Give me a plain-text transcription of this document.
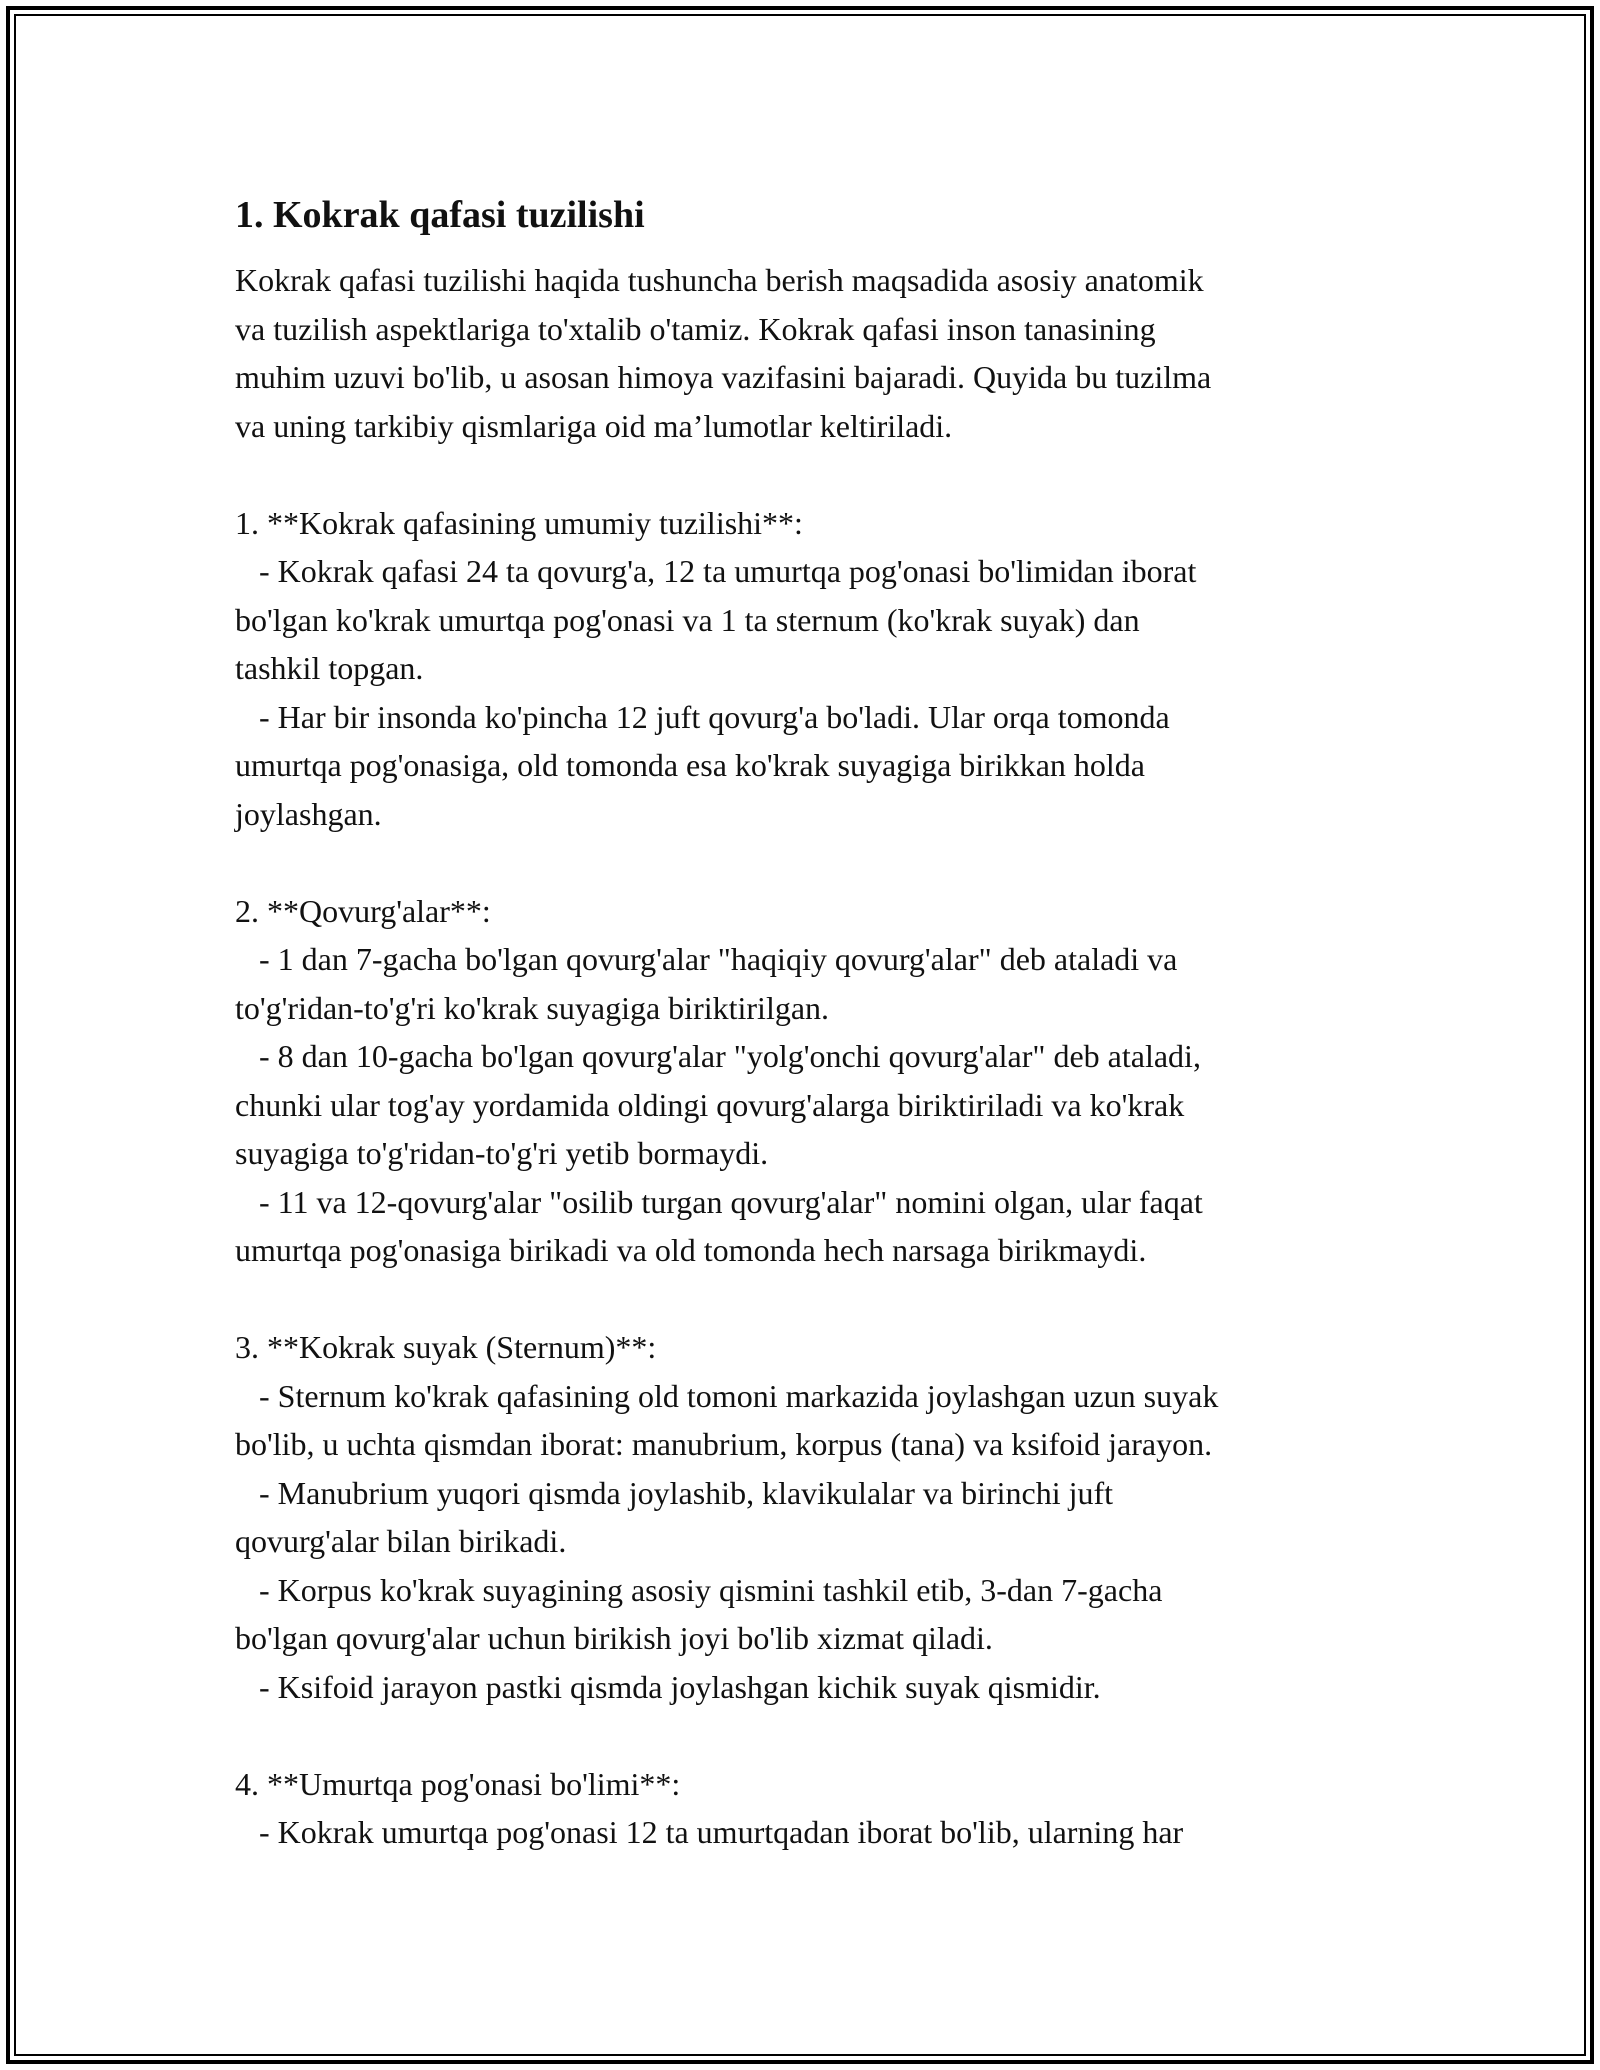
1. Kokrak qafasi tuzilishi

Kokrak qafasi tuzilishi haqida tushuncha berish maqsadida asosiy anatomik
va tuzilish aspektlariga to'xtalib o'tamiz. Kokrak qafasi inson tanasining
muhim uzuvi bo'lib, u asosan himoya vazifasini bajaradi. Quyida bu tuzilma
va uning tarkibiy qismlariga oid ma’lumotlar keltiriladi.

1. **Kokrak qafasining umumiy tuzilishi**:
- Kokrak qafasi 24 ta qovurg'a, 12 ta umurtqa pog'onasi bo'limidan iborat
bo'lgan ko'krak umurtqa pog'onasi va 1 ta sternum (ko'krak suyak) dan
tashkil topgan.
- Har bir insonda ko'pincha 12 juft qovurg'a bo'ladi. Ular orqa tomonda
umurtqa pog'onasiga, old tomonda esa ko'krak suyagiga birikkan holda
joylashgan.

2. **Qovurg'alar**:
- 1 dan 7-gacha bo'lgan qovurg'alar "haqiqiy qovurg'alar" deb ataladi va
to'g'ridan-to'g'ri ko'krak suyagiga biriktirilgan.
- 8 dan 10-gacha bo'lgan qovurg'alar "yolg'onchi qovurg'alar" deb ataladi,
chunki ular tog'ay yordamida oldingi qovurg'alarga biriktiriladi va ko'krak
suyagiga to'g'ridan-to'g'ri yetib bormaydi.
- 11 va 12-qovurg'alar "osilib turgan qovurg'alar" nomini olgan, ular faqat
umurtqa pog'onasiga birikadi va old tomonda hech narsaga birikmaydi.

3. **Kokrak suyak (Sternum)**:
- Sternum ko'krak qafasining old tomoni markazida joylashgan uzun suyak
bo'lib, u uchta qismdan iborat: manubrium, korpus (tana) va ksifoid jarayon.
- Manubrium yuqori qismda joylashib, klavikulalar va birinchi juft
qovurg'alar bilan birikadi.
- Korpus ko'krak suyagining asosiy qismini tashkil etib, 3-dan 7-gacha
bo'lgan qovurg'alar uchun birikish joyi bo'lib xizmat qiladi.
- Ksifoid jarayon pastki qismda joylashgan kichik suyak qismidir.

4. **Umurtqa pog'onasi bo'limi**:
- Kokrak umurtqa pog'onasi 12 ta umurtqadan iborat bo'lib, ularning har
